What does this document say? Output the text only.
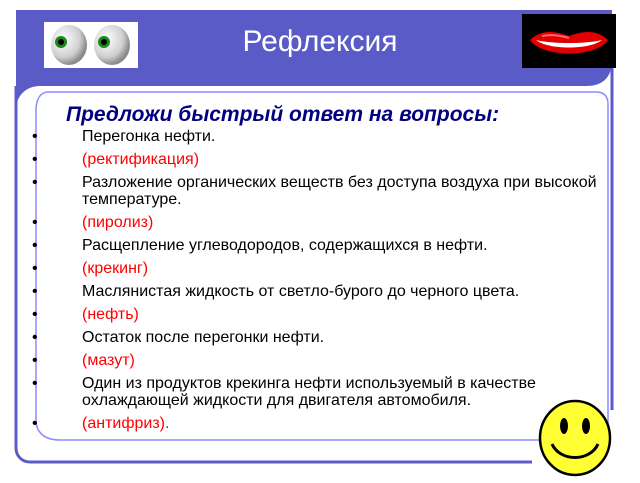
Рефлексия
Предложи быстрый ответ на вопросы:
•	Перегонка нефти.
•	(ректификация)
•	Разложение органических веществ без доступа воздуха при высокой температуре.
•	(пиролиз)
•	Расщепление углеводородов, содержащихся в нефти.
•	(крекинг)
•	Маслянистая жидкость от светло-бурого до черного цвета.
•	(нефть)
•	Остаток после перегонки нефти.
•	(мазут)
•	Один из продуктов крекинга нефти используемый в качестве охлаждающей жидкости для двигателя автомобиля.
•	(антифриз).
